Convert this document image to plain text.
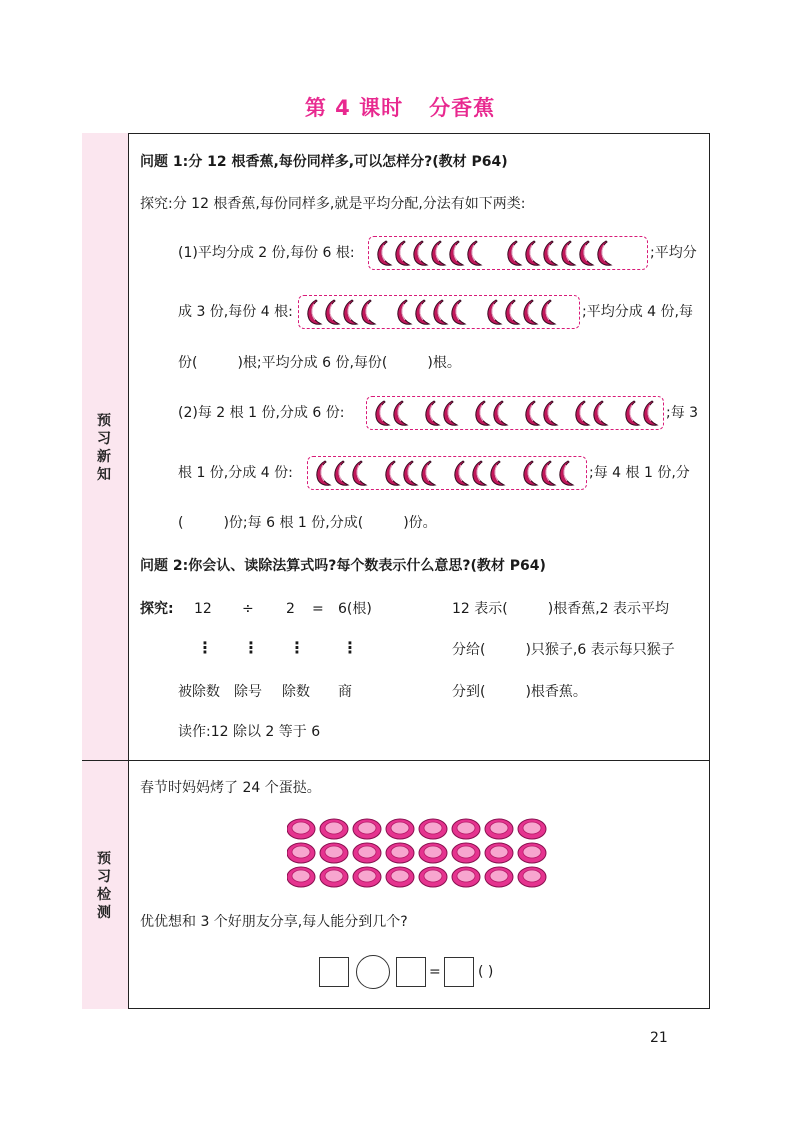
第 4 课时 分香蕉
预
习
新
知
预
习
检
测
问题 1:分 12 根香蕉,每份同样多,可以怎样分?(教材 P64)
探究:分 12 根香蕉,每份同样多,就是平均分配,分法有如下两类:
(1)平均分成 2 份,每份 6 根:	;平均分
成 3 份,每份 4 根:	;平均分成 4 份,每
份(	)根;平均分成 6 份,每份(	)根。
(2)每 2 根 1 份,分成 6 份:	;每 3
根 1 份,分成 4 份:	;每 4 根 1 份,分
(	)份;每 6 根 1 份,分成(	)份。
问题 2:你会认、读除法算式吗?每个数表示什么意思?(教材 P64)
探究: 12 ÷ 2 = 6(根)
⋮ ⋮ ⋮ ⋮
被除数 除号 除数 商
12 表示(	)根香蕉,2 表示平均
分给(	)只猴子,6 表示每只猴子
分到(	)根香蕉。
读作:12 除以 2 等于 6
春节时妈妈烤了 24 个蛋挞。
优优想和 3 个好朋友分享,每人能分到几个?
=	( )
21
